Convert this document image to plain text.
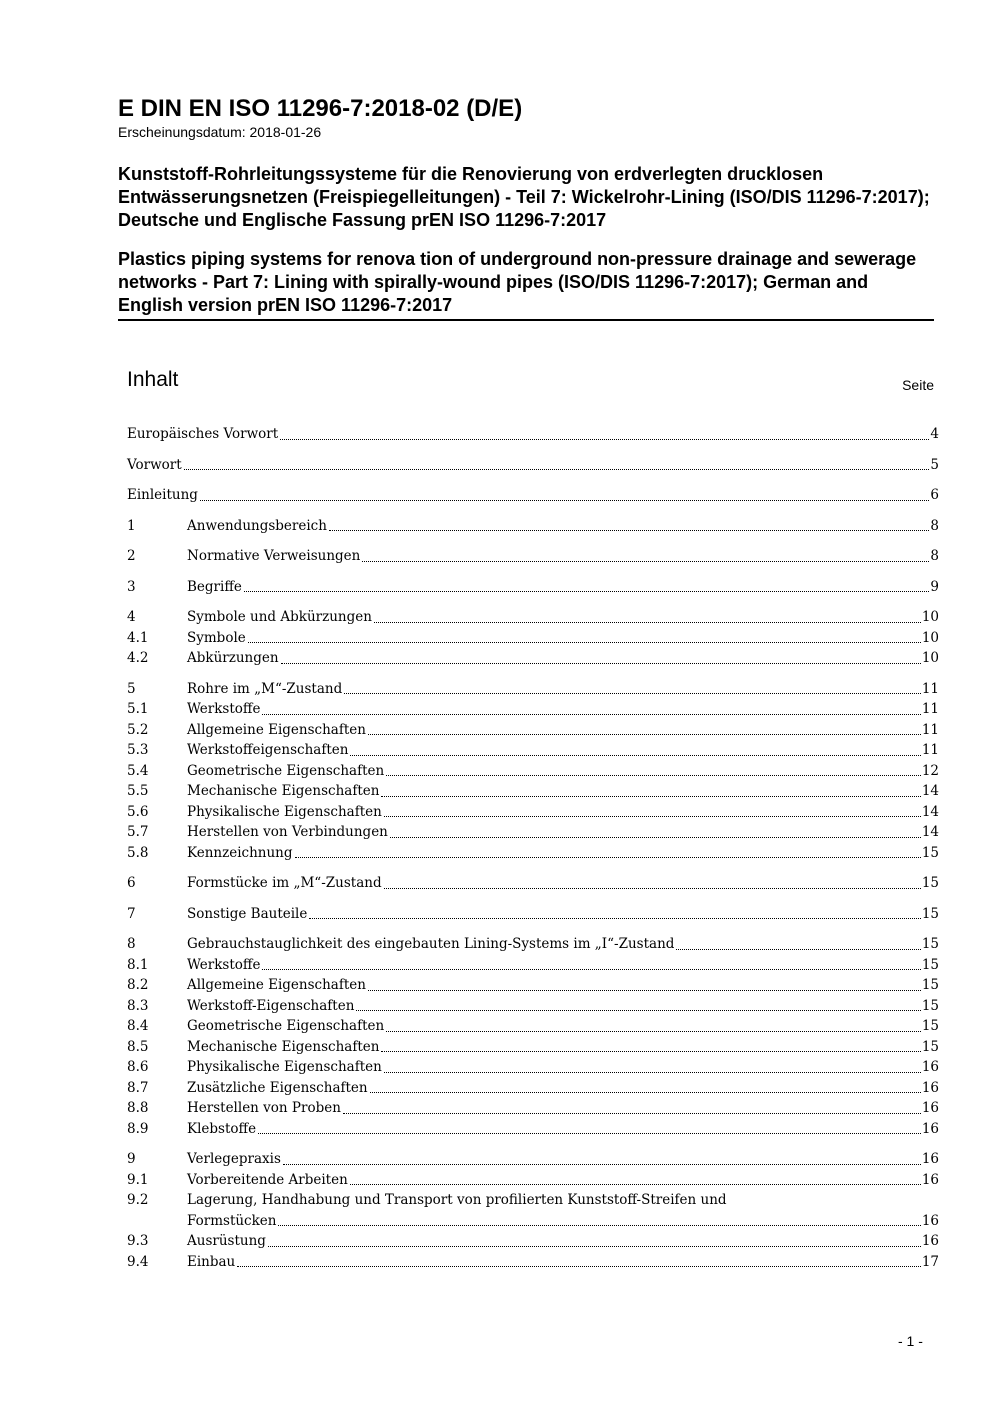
E DIN EN ISO 11296-7:2018-02 (D/E)

Erscheinungsdatum: 2018-01-26

Kunststoff-Rohrleitungssysteme für die Renovierung von erdverlegten drucklosen Entwässerungsnetzen (Freispiegelleitungen) - Teil 7: Wickelrohr-Lining (ISO/DIS 11296-7:2017); Deutsche und Englische Fassung prEN ISO 11296-7:2017

Plastics piping systems for renova tion of underground non-pressure drainage and sewerage networks - Part 7: Lining with spirally-wound pipes (ISO/DIS 11296-7:2017); German and English version prEN ISO 11296-7:2017

Inhalt	Seite
Europäisches Vorwort	4
Vorwort	5
Einleitung	6
1	Anwendungsbereich	8
2	Normative Verweisungen	8
3	Begriffe	9
4	Symbole und Abkürzungen	10
4.1	Symbole	10
4.2	Abkürzungen	10
5	Rohre im „M“-Zustand	11
5.1	Werkstoffe	11
5.2	Allgemeine Eigenschaften	11
5.3	Werkstoffeigenschaften	11
5.4	Geometrische Eigenschaften	12
5.5	Mechanische Eigenschaften	14
5.6	Physikalische Eigenschaften	14
5.7	Herstellen von Verbindungen	14
5.8	Kennzeichnung	15
6	Formstücke im „M“-Zustand	15
7	Sonstige Bauteile	15
8	Gebrauchstauglichkeit des eingebauten Lining-Systems im „I“-Zustand	15
8.1	Werkstoffe	15
8.2	Allgemeine Eigenschaften	15
8.3	Werkstoff-Eigenschaften	15
8.4	Geometrische Eigenschaften	15
8.5	Mechanische Eigenschaften	15
8.6	Physikalische Eigenschaften	16
8.7	Zusätzliche Eigenschaften	16
8.8	Herstellen von Proben	16
8.9	Klebstoffe	16
9	Verlegepraxis	16
9.1	Vorbereitende Arbeiten	16
9.2	Lagerung, Handhabung und Transport von profilierten Kunststoff-Streifen und
Formstücken	16
9.3	Ausrüstung	16
9.4	Einbau	17
- 1 -
